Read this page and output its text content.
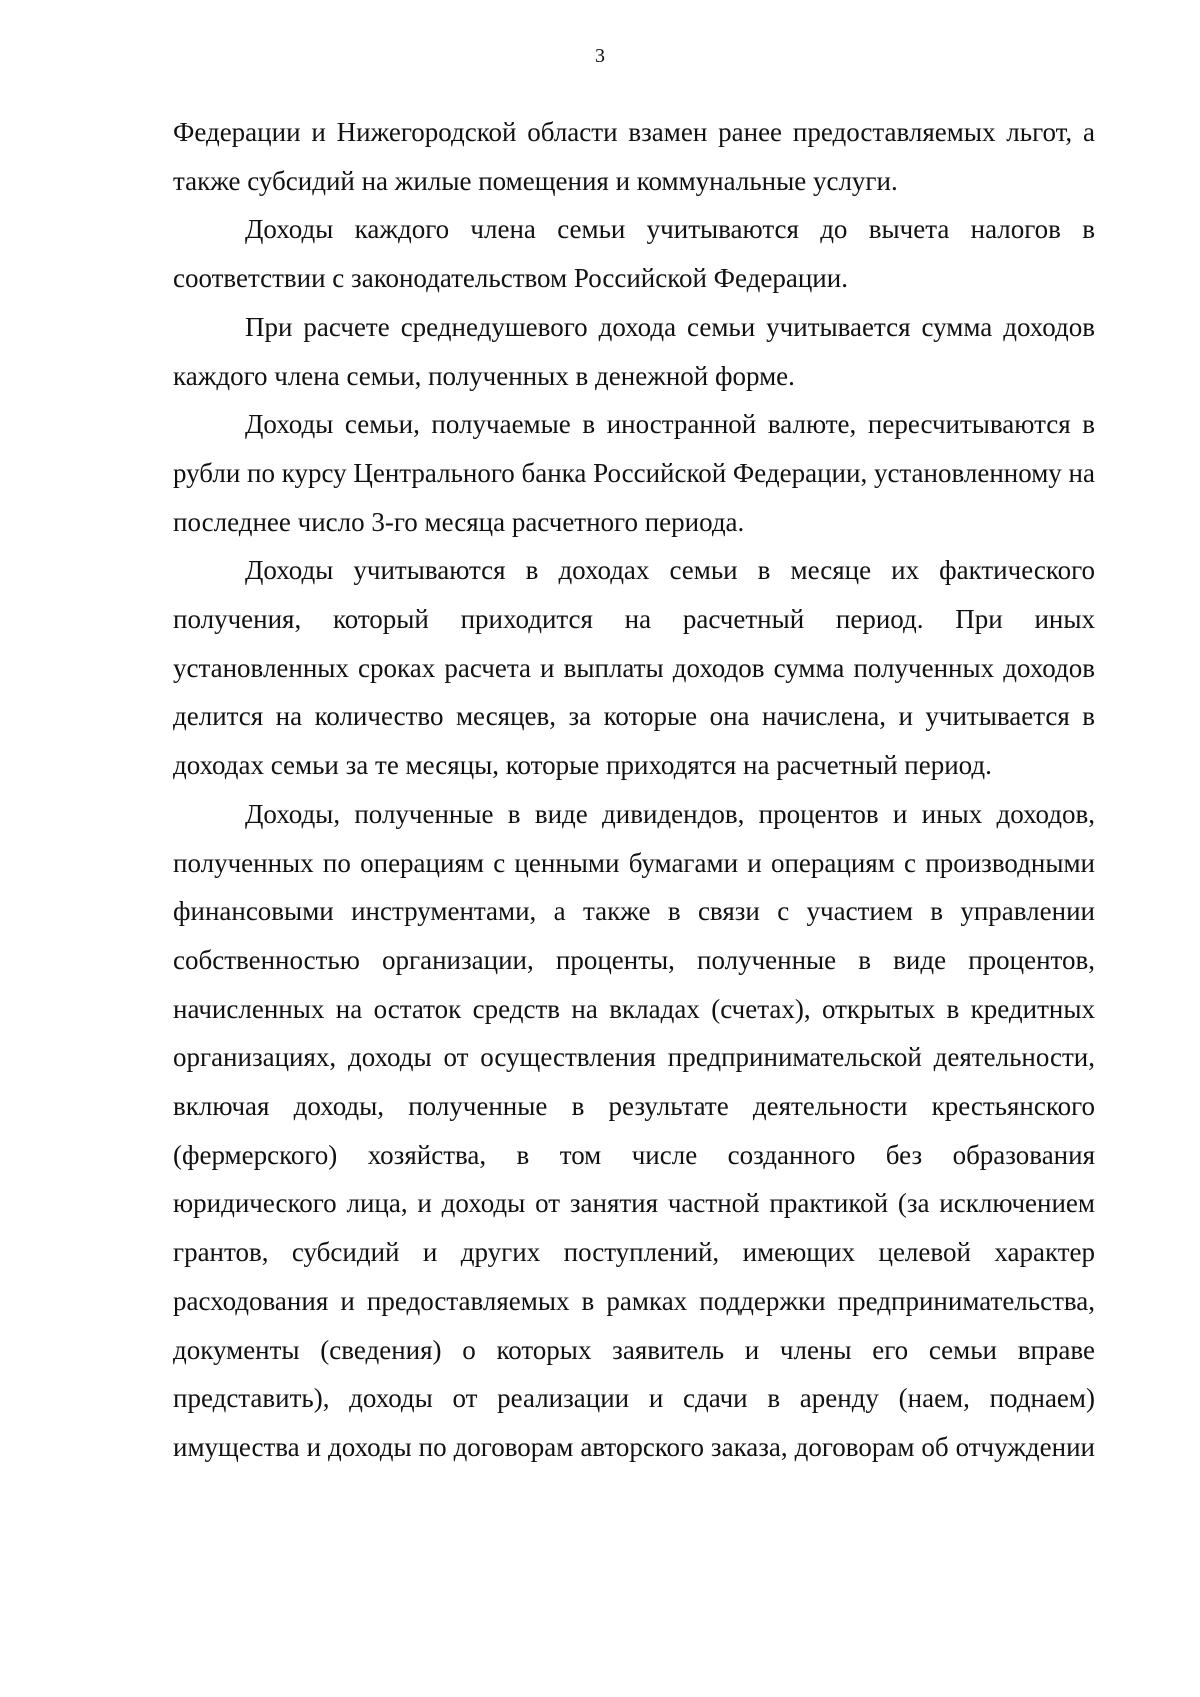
3

Федерации и Нижегородской области взамен ранее предоставляемых льгот, а также субсидий на жилые помещения и коммунальные услуги.

Доходы каждого члена семьи учитываются до вычета налогов в соответствии с законодательством Российской Федерации.

При расчете среднедушевого дохода семьи учитывается сумма доходов каждого члена семьи, полученных в денежной форме.

Доходы семьи, получаемые в иностранной валюте, пересчитываются в рубли по курсу Центрального банка Российской Федерации, установленному на последнее число 3-го месяца расчетного периода.

Доходы учитываются в доходах семьи в месяце их фактического получения, который приходится на расчетный период. При иных установленных сроках расчета и выплаты доходов сумма полученных доходов делится на количество месяцев, за которые она начислена, и учитывается в доходах семьи за те месяцы, которые приходятся на расчетный период.

Доходы, полученные в виде дивидендов, процентов и иных доходов, полученных по операциям с ценными бумагами и операциям с производными финансовыми инструментами, а также в связи с участием в управлении собственностью организации, проценты, полученные в виде процентов, начисленных на остаток средств на вкладах (счетах), открытых в кредитных организациях, доходы от осуществления предпринимательской деятельности, включая доходы, полученные в результате деятельности крестьянского (фермерского) хозяйства, в том числе созданного без образования юридического лица, и доходы от занятия частной практикой (за исключением грантов, субсидий и других поступлений, имеющих целевой характер расходования и предоставляемых в рамках поддержки предпринимательства, документы (сведения) о которых заявитель и члены его семьи вправе представить), доходы от реализации и сдачи в аренду (наем, поднаем) имущества и доходы по договорам авторского заказа, договорам об отчуждении
